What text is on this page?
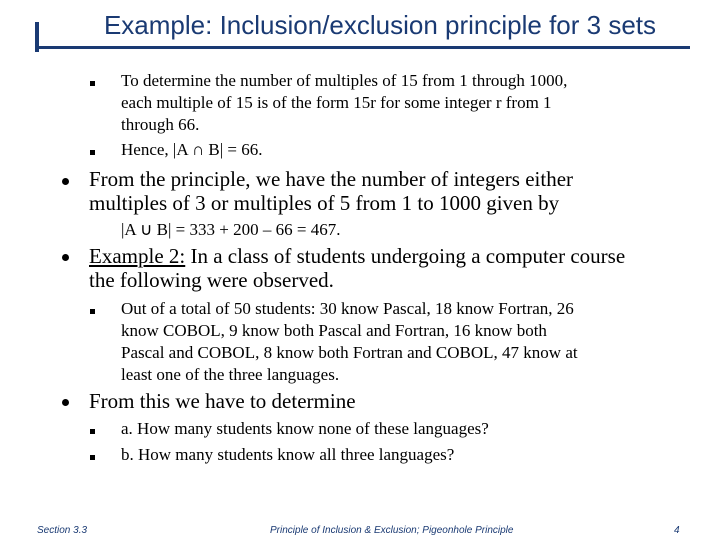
Example: Inclusion/exclusion principle for 3 sets
To determine the number of multiples of 15 from 1 through 1000,
each multiple of 15 is of the form 15r for some integer r from 1
through 66.
Hence, |A ∩ B| = 66.
From the principle, we have the number of integers either
multiples of 3 or multiples of 5 from 1 to 1000 given by
|A ∪ B| = 333 + 200 – 66 = 467.
Example 2: In a class of students undergoing a computer course
the following were observed.
Out of a total of 50 students: 30 know Pascal, 18 know Fortran, 26
know COBOL, 9 know both Pascal and Fortran, 16 know both
Pascal and COBOL, 8 know both Fortran and COBOL, 47 know at
least one of the three languages.
From this we have to determine
a. How many students know none of these languages?
b. How many students know all three languages?
Section 3.3	Principle of Inclusion & Exclusion; Pigeonhole Principle	4
